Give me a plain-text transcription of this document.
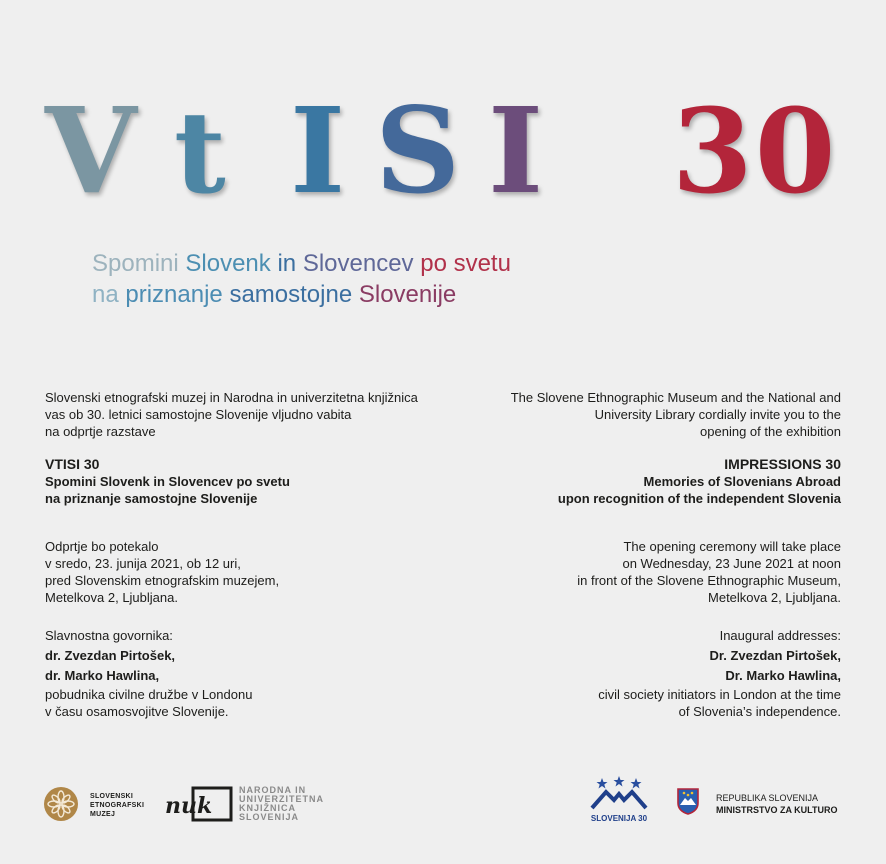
V t I S I 30
Spomini Slovenk in Slovencev po svetu
na priznanje samostojne Slovenije
Slovenski etnografski muzej in Narodna in univerzitetna knjižnica
vas ob 30. letnici samostojne Slovenije vljudno vabita
na odprtje razstave
VTISI 30
Spomini Slovenk in Slovencev po svetu
na priznanje samostojne Slovenije
Odprtje bo potekalo
v sredo, 23. junija 2021, ob 12 uri,
pred Slovenskim etnografskim muzejem,
Metelkova 2, Ljubljana.
Slavnostna govornika:
dr. Zvezdan Pirtošek,
dr. Marko Hawlina,
pobudnika civilne družbe v Londonu
v času osamosvojitve Slovenije.
The Slovene Ethnographic Museum and the National and
University Library cordially invite you to the
opening of the exhibition
IMPRESSIONS 30
Memories of Slovenians Abroad
upon recognition of the independent Slovenia
The opening ceremony will take place
on Wednesday, 23 June 2021 at noon
in front of the Slovene Ethnographic Museum,
Metelkova 2, Ljubljana.
Inaugural addresses:
Dr. Zvezdan Pirtošek,
Dr. Marko Hawlina,
civil society initiators in London at the time
of Slovenia’s independence.
SLOVENSKI
ETNOGRAFSKI
MUZEJ	nuk
NARODNA IN
UNIVERZITETNA
KNJIŽNICA
SLOVENIJA	SLOVENIJA 30
REPUBLIKA SLOVENIJA
MINISTRSTVO ZA KULTURO
